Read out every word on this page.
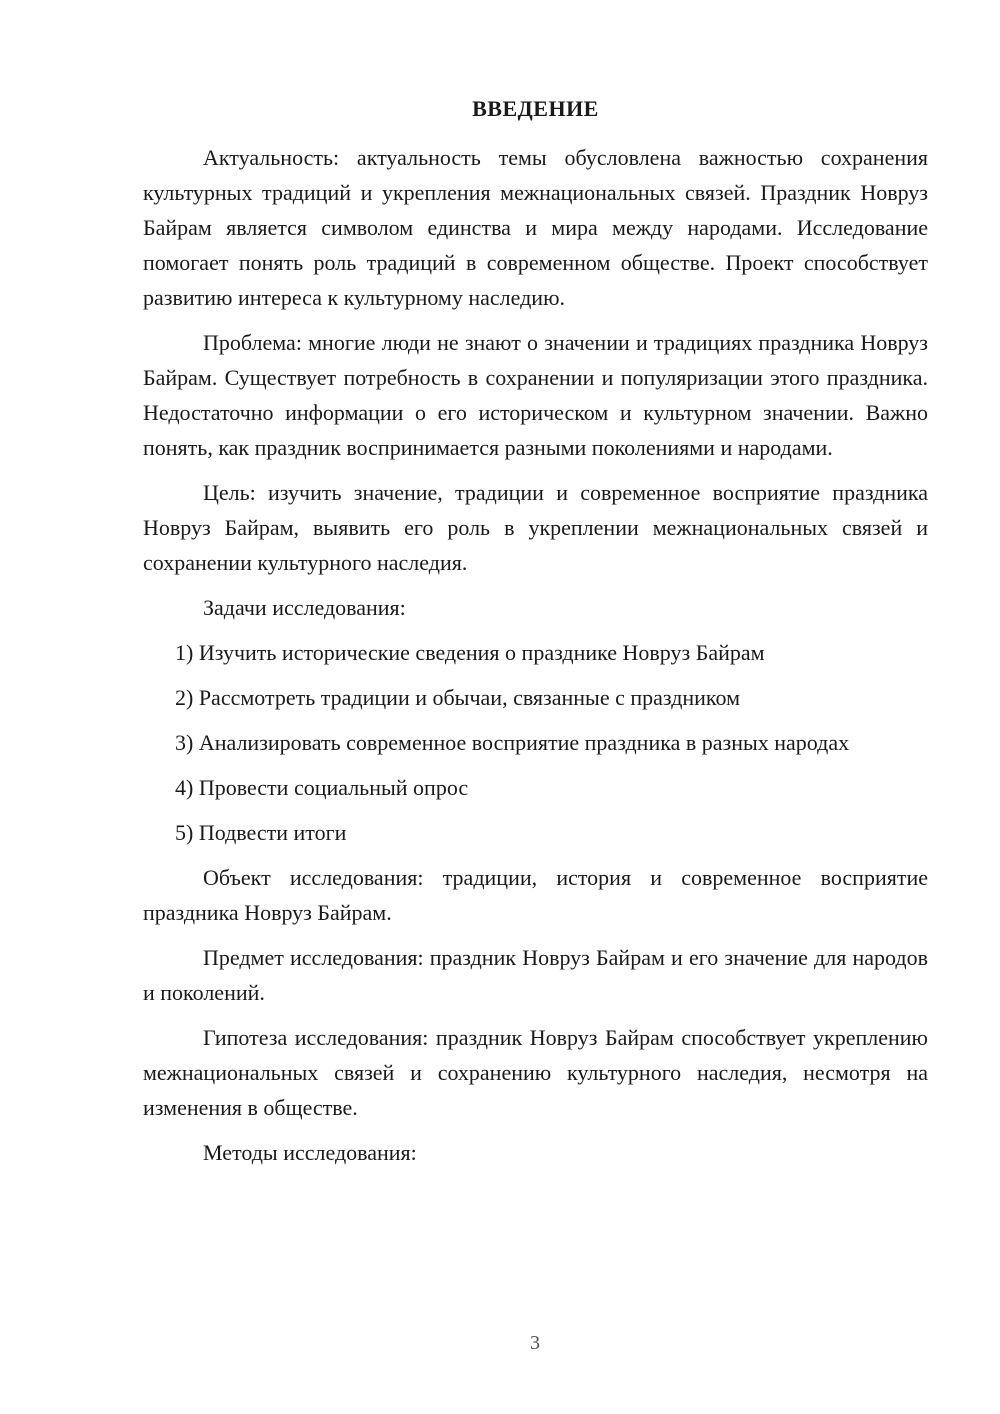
ВВЕДЕНИЕ

Актуальность: актуальность темы обусловлена важностью сохранения культурных традиций и укрепления межнациональных связей. Праздник Новруз Байрам является символом единства и мира между народами. Исследование помогает понять роль традиций в современном обществе. Проект способствует развитию интереса к культурному наследию.

Проблема: многие люди не знают о значении и традициях праздника Новруз Байрам. Существует потребность в сохранении и популяризации этого праздника. Недостаточно информации о его историческом и культурном значении. Важно понять, как праздник воспринимается разными поколениями и народами.

Цель: изучить значение, традиции и современное восприятие праздника Новруз Байрам, выявить его роль в укреплении межнациональных связей и сохранении культурного наследия.

Задачи исследования:

1) Изучить исторические сведения о празднике Новруз Байрам

2) Рассмотреть традиции и обычаи, связанные с праздником

3) Анализировать современное восприятие праздника в разных народах

4) Провести социальный опрос

5) Подвести итоги

Объект исследования: традиции, история и современное восприятие праздника Новруз Байрам.

Предмет исследования: праздник Новруз Байрам и его значение для народов и поколений.

Гипотеза исследования: праздник Новруз Байрам способствует укреплению межнациональных связей и сохранению культурного наследия, несмотря на изменения в обществе.

Методы исследования:

3
